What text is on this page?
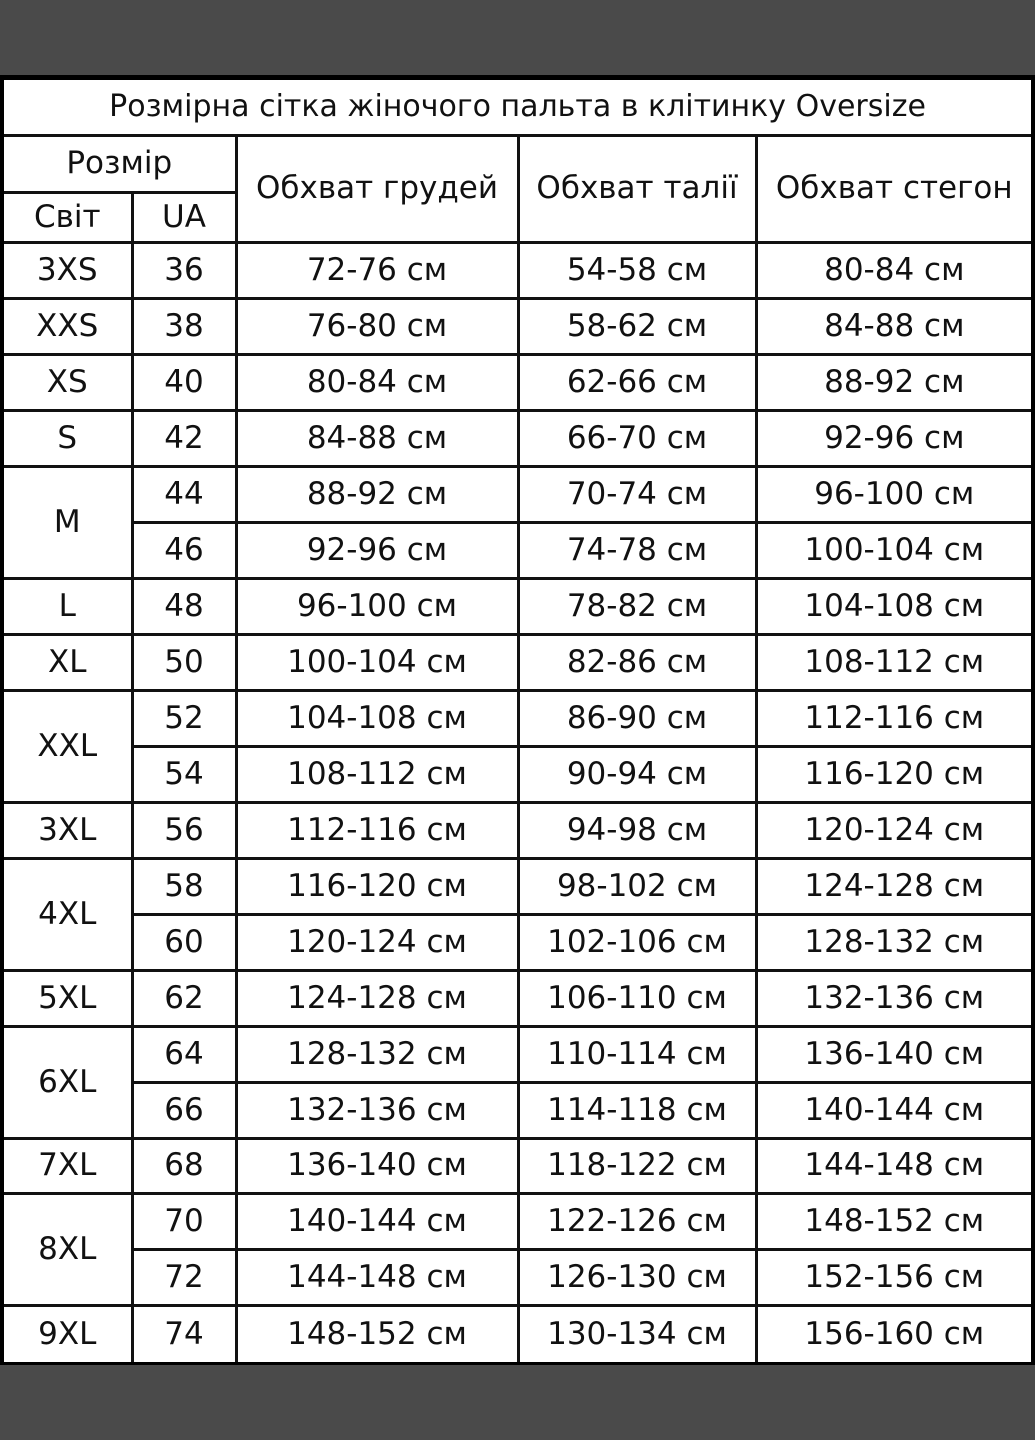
Розмірна сітка жіночого пальта в клітинку Oversize				
Розмір		Обхват грудей	Обхват талії	Обхват стегон
Світ	UA			
3XS	36	72-76 см	54-58 см	80-84 см
XXS	38	76-80 см	58-62 см	84-88 см
XS	40	80-84 см	62-66 см	88-92 см
S	42	84-88 см	66-70 см	92-96 см
M	44	88-92 см	70-74 см	96-100 см
	46	92-96 см	74-78 см	100-104 см
L	48	96-100 см	78-82 см	104-108 см
XL	50	100-104 см	82-86 см	108-112 см
XXL	52	104-108 см	86-90 см	112-116 см
	54	108-112 см	90-94 см	116-120 см
3XL	56	112-116 см	94-98 см	120-124 см
4XL	58	116-120 см	98-102 см	124-128 см
	60	120-124 см	102-106 см	128-132 см
5XL	62	124-128 см	106-110 см	132-136 см
6XL	64	128-132 см	110-114 см	136-140 см
	66	132-136 см	114-118 см	140-144 см
7XL	68	136-140 см	118-122 см	144-148 см
8XL	70	140-144 см	122-126 см	148-152 см
	72	144-148 см	126-130 см	152-156 см
9XL	74	148-152 см	130-134 см	156-160 см
